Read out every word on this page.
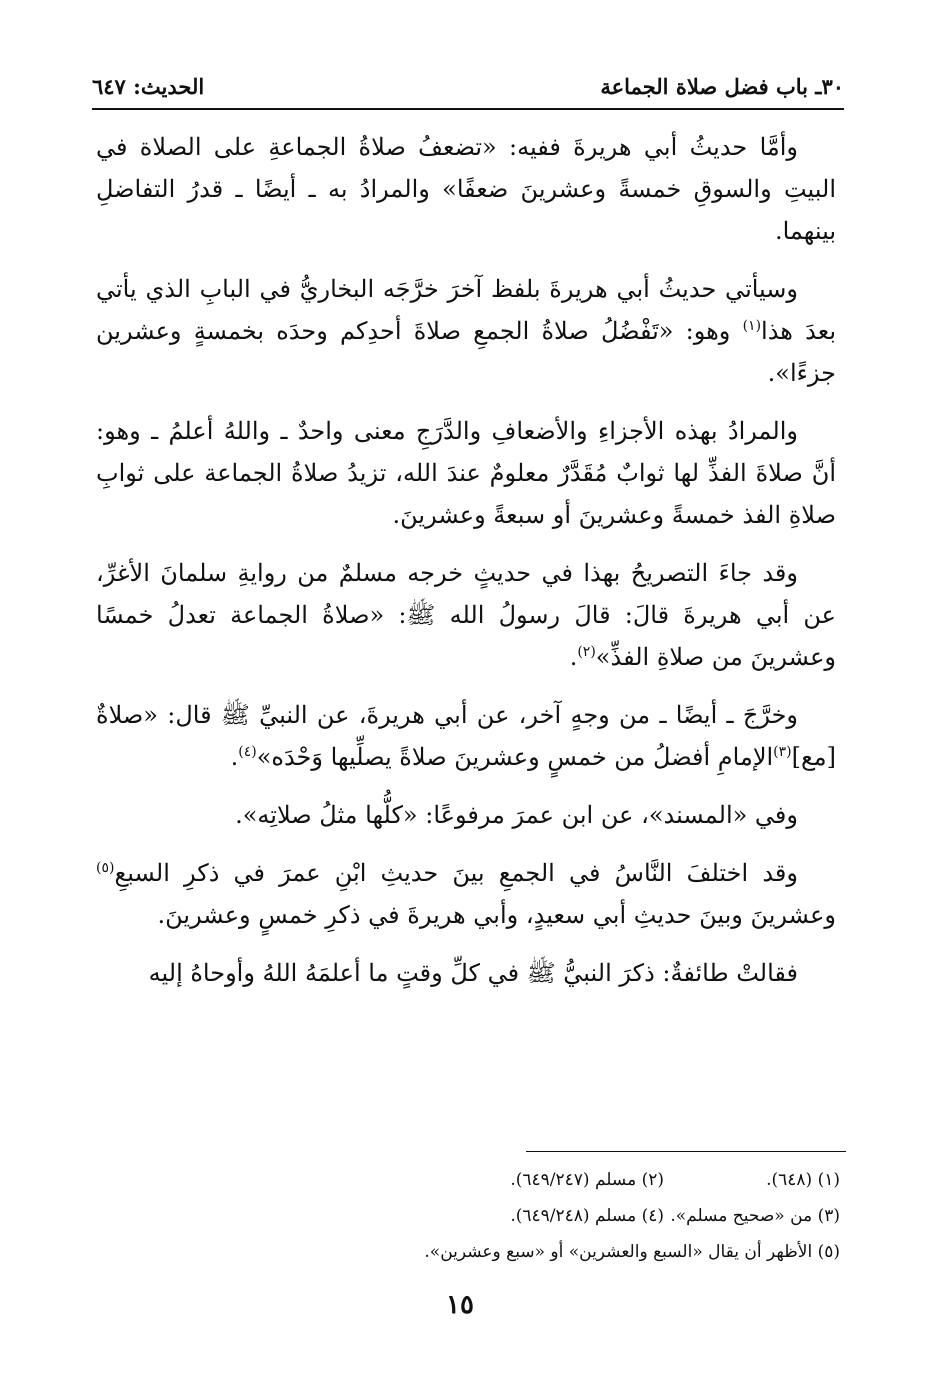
٣٠ـ باب فضل صلاة الجماعة
الحديث: ٦٤٧

وأمَّا حديثُ أبي هريرةَ ففيه: «تضعفُ صلاةُ الجماعةِ على الصلاة في البيتِ والسوقِ خمسةً وعشرينَ ضعفًا» والمرادُ به ـ أيضًا ـ قدرُ التفاضلِ بينهما.

وسيأتي حديثُ أبي هريرةَ بلفظ آخرَ خرَّجَه البخاريُّ في البابِ الذي يأتي بعدَ هذا$^{(١)}$ وهو: «تَفْضُلُ صلاةُ الجمعِ صلاةَ أحدِكم وحدَه بخمسةٍ وعشرين جزءًا».

والمرادُ بهذه الأجزاءِ والأضعافِ والدَّرَجِ معنى واحدٌ ـ واللهُ أعلمُ ـ وهو: أنَّ صلاةَ الفذِّ لها ثوابٌ مُقَدَّرٌ معلومٌ عندَ الله، تزيدُ صلاةُ الجماعة على ثوابِ صلاةِ الفذ خمسةً وعشرينَ أو سبعةً وعشرينَ.

وقد جاءَ التصريحُ بهذا في حديثٍ خرجه مسلمٌ من روايةِ سلمانَ الأغرِّ، عن أبي هريرةَ قالَ: قالَ رسولُ الله ﷺ: «صلاةُ الجماعة تعدلُ خمسًا وعشرينَ من صلاةِ الفذِّ»$^{(٢)}$.

وخرَّجَ ـ أيضًا ـ من وجهٍ آخر، عن أبي هريرةَ، عن النبيِّ ﷺ قال: «صلاةٌ [مع]$^{(٣)}$الإمامِ أفضلُ من خمسٍ وعشرينَ صلاةً يصلِّيها وَحْدَه»$^{(٤)}$.

وفي «المسند»، عن ابن عمرَ مرفوعًا: «كلُّها مثلُ صلاتِه».

وقد اختلفَ النَّاسُ في الجمعِ بينَ حديثِ ابْنِ عمرَ في ذكرِ السبعِ$^{(٥)}$ وعشرينَ وبينَ حديثِ أبي سعيدٍ، وأبي هريرةَ في ذكرِ خمسٍ وعشرينَ.

فقالتْ طائفةٌ: ذكرَ النبيُّ ﷺ في كلِّ وقتٍ ما أعلمَهُ اللهُ وأوحاهُ إليه

(١) (٦٤٨).
(٢) مسلم (٦٤٩/٢٤٧).
(٣) من «صحيح مسلم».
(٤) مسلم (٦٤٩/٢٤٨).
(٥) الأظهر أن يقال «السبع والعشرين» أو «سبع وعشرين».
١٥
